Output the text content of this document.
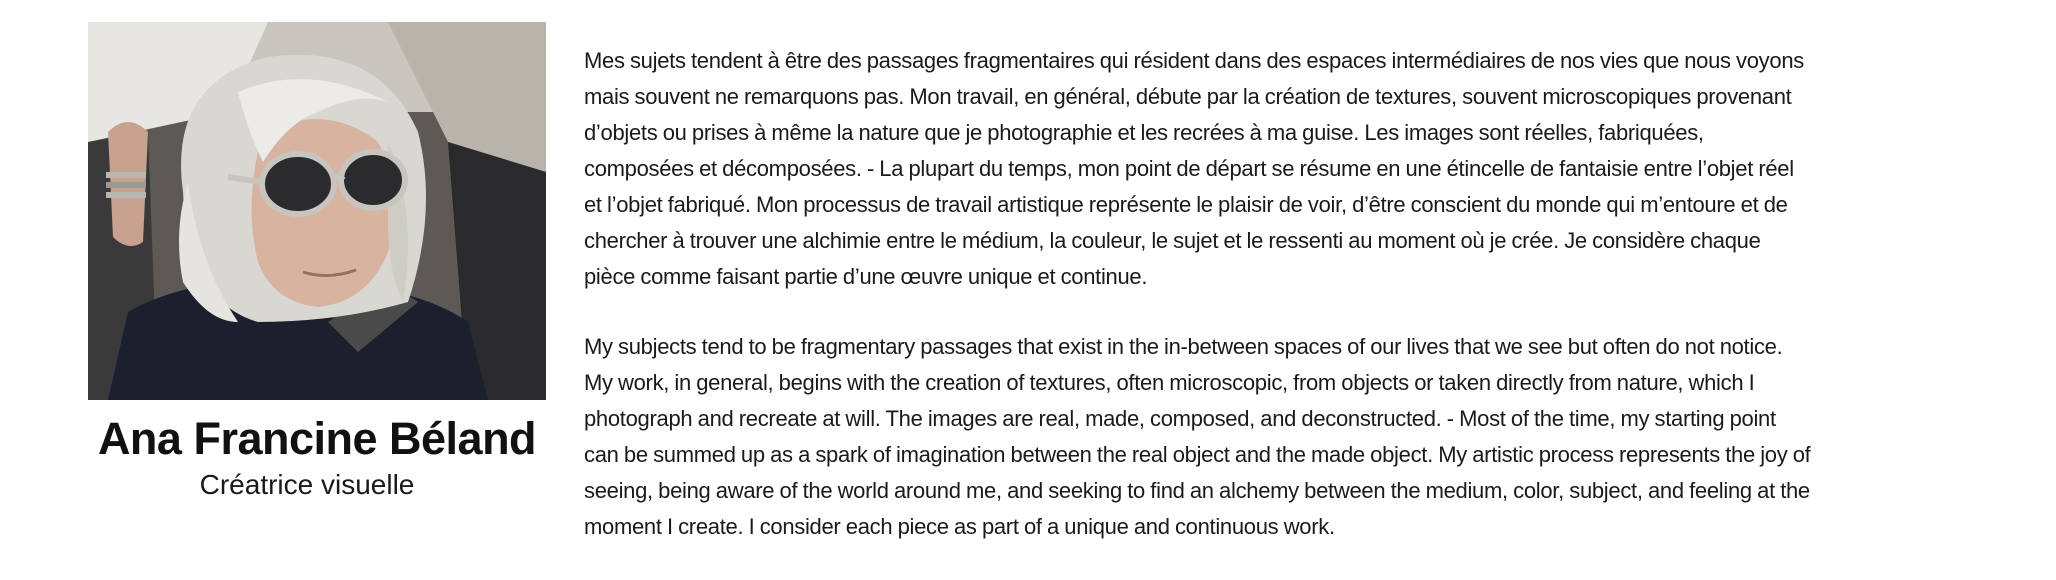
Ana Francine Béland
Créatrice visuelle

Mes sujets tendent à être des passages fragmentaires qui résident dans des espaces intermédiaires de nos vies que nous voyons mais souvent ne remarquons pas. Mon travail, en général, débute par la création de textures, souvent microscopiques provenant d’objets ou prises à même la nature que je photographie et les recrées à ma guise. Les images sont réelles, fabriquées, composées et décomposées. - La plupart du temps, mon point de départ se résume en une étincelle de fantaisie entre l’objet réel et l’objet fabriqué. Mon processus de travail artistique représente le plaisir de voir, d’être conscient du monde qui m’entoure et de chercher à trouver une alchimie entre le médium, la couleur, le sujet et le ressenti au moment où je crée. Je considère chaque pièce comme faisant partie d’une œuvre unique et continue.

My subjects tend to be fragmentary passages that exist in the in-between spaces of our lives that we see but often do not notice. My work, in general, begins with the creation of textures, often microscopic, from objects or taken directly from nature, which I photograph and recreate at will. The images are real, made, composed, and deconstructed. - Most of the time, my starting point can be summed up as a spark of imagination between the real object and the made object. My artistic process represents the joy of seeing, being aware of the world around me, and seeking to find an alchemy between the medium, color, subject, and feeling at the moment I create. I consider each piece as part of a unique and continuous work.
